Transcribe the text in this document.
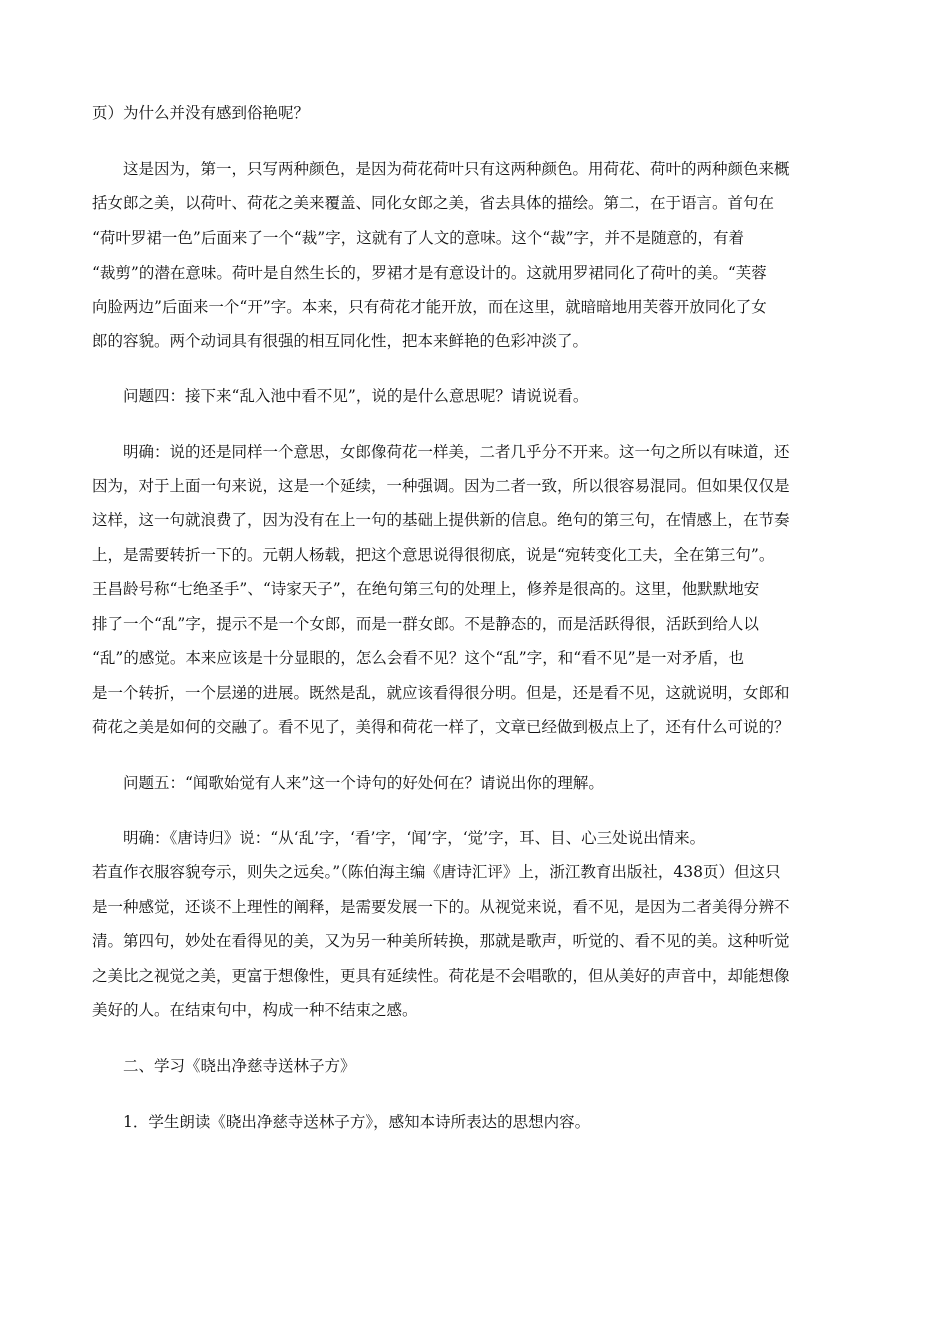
页）为什么并没有感到俗艳呢？
　　这是因为，第一，只写两种颜色，是因为荷花荷叶只有这两种颜色。用荷花、荷叶的两种颜色来概
括女郎之美，以荷叶、荷花之美来覆盖、同化女郎之美，省去具体的描绘。第二，在于语言。首句在
“荷叶罗裙一色”后面来了一个“裁”字，这就有了人文的意味。这个“裁”字，并不是随意的，有着
“裁剪”的潜在意味。荷叶是自然生长的，罗裙才是有意设计的。这就用罗裙同化了荷叶的美。“芙蓉
向脸两边”后面来一个“开”字。本来，只有荷花才能开放，而在这里，就暗暗地用芙蓉开放同化了女
郎的容貌。两个动词具有很强的相互同化性，把本来鲜艳的色彩冲淡了。
　　问题四：接下来“乱入池中看不见”，说的是什么意思呢？请说说看。
　　明确：说的还是同样一个意思，女郎像荷花一样美，二者几乎分不开来。这一句之所以有味道，还
因为，对于上面一句来说，这是一个延续，一种强调。因为二者一致，所以很容易混同。但如果仅仅是
这样，这一句就浪费了，因为没有在上一句的基础上提供新的信息。绝句的第三句，在情感上，在节奏
上，是需要转折一下的。元朝人杨载，把这个意思说得很彻底，说是“宛转变化工夫，全在第三句”。
王昌龄号称“七绝圣手”、“诗家天子”，在绝句第三句的处理上，修养是很高的。这里，他默默地安
排了一个“乱”字，提示不是一个女郎，而是一群女郎。不是静态的，而是活跃得很，活跃到给人以
“乱”的感觉。本来应该是十分显眼的，怎么会看不见？这个“乱”字，和“看不见”是一对矛盾，也
是一个转折，一个层递的进展。既然是乱，就应该看得很分明。但是，还是看不见，这就说明，女郎和
荷花之美是如何的交融了。看不见了，美得和荷花一样了，文章已经做到极点上了，还有什么可说的？
　　问题五：“闻歌始觉有人来”这一个诗句的好处何在？请说出你的理解。
　　明确：《唐诗归》说：“从‘乱’字，‘看’字，‘闻’字，‘觉’字，耳、目、心三处说出情来。
若直作衣服容貌夸示，则失之远矣。”（陈伯海主编《唐诗汇评》上，浙江教育出版社，438页）但这只
是一种感觉，还谈不上理性的阐释，是需要发展一下的。从视觉来说，看不见，是因为二者美得分辨不
清。第四句，妙处在看得见的美，又为另一种美所转换，那就是歌声，听觉的、看不见的美。这种听觉
之美比之视觉之美，更富于想像性，更具有延续性。荷花是不会唱歌的，但从美好的声音中，却能想像
美好的人。在结束句中，构成一种不结束之感。
　　二、学习《晓出净慈寺送林子方》
　　1．学生朗读《晓出净慈寺送林子方》，感知本诗所表达的思想内容。
